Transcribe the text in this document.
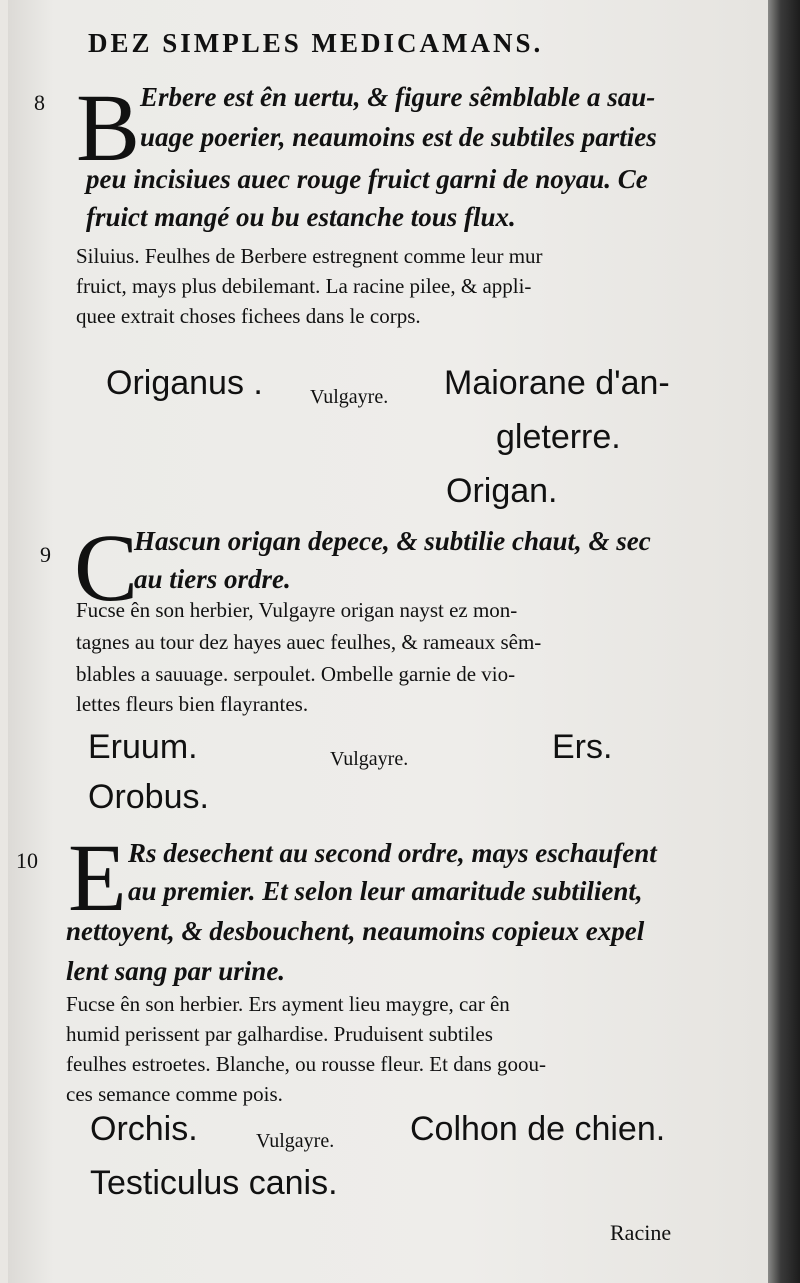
DEZ SIMPLES MEDICAMANS.
8 B Erbere est ên uertu, & figure sêmblable a sau-
uage poerier, neaumoins est de subtiles parties
peu incisiues auec rouge fruict garni de noyau. Ce
fruict mangé ou bu estanche tous flux.
Siluius. Feulhes de Berbere estregnent comme leur mur
fruict, mays plus debilemant. La racine pilee, & appli-
quee extrait choses fichees dans le corps.
Origanus . Vulgayre. Maiorane d'an-
gleterre.
Origan.
9 C
Hascun origan depece, & subtilie chaut, & sec
au tiers ordre.
Fucse ên son herbier, Vulgayre origan nayst ez mon-
tagnes au tour dez hayes auec feulhes, & rameaux sêm-
blables a sauuage. serpoulet. Ombelle garnie de vio-
lettes fleurs bien flayrantes.
Eruum.	Vulgayre.	Ers.
Orobus.
10 E Rs desechent au second ordre, mays eschaufent
au premier. Et selon leur amaritude subtilient,
nettoyent, & desbouchent, neaumoins copieux expel
lent sang par urine.
Fucse ên son herbier. Ers ayment lieu maygre, car ên
humid perissent par galhardise. Pruduisent subtiles
feulhes estroetes. Blanche, ou rousse fleur. Et dans goou-
ces semance comme pois.
Orchis.	Vulgayre. Colhon de chien.
Testiculus canis.
Racine
